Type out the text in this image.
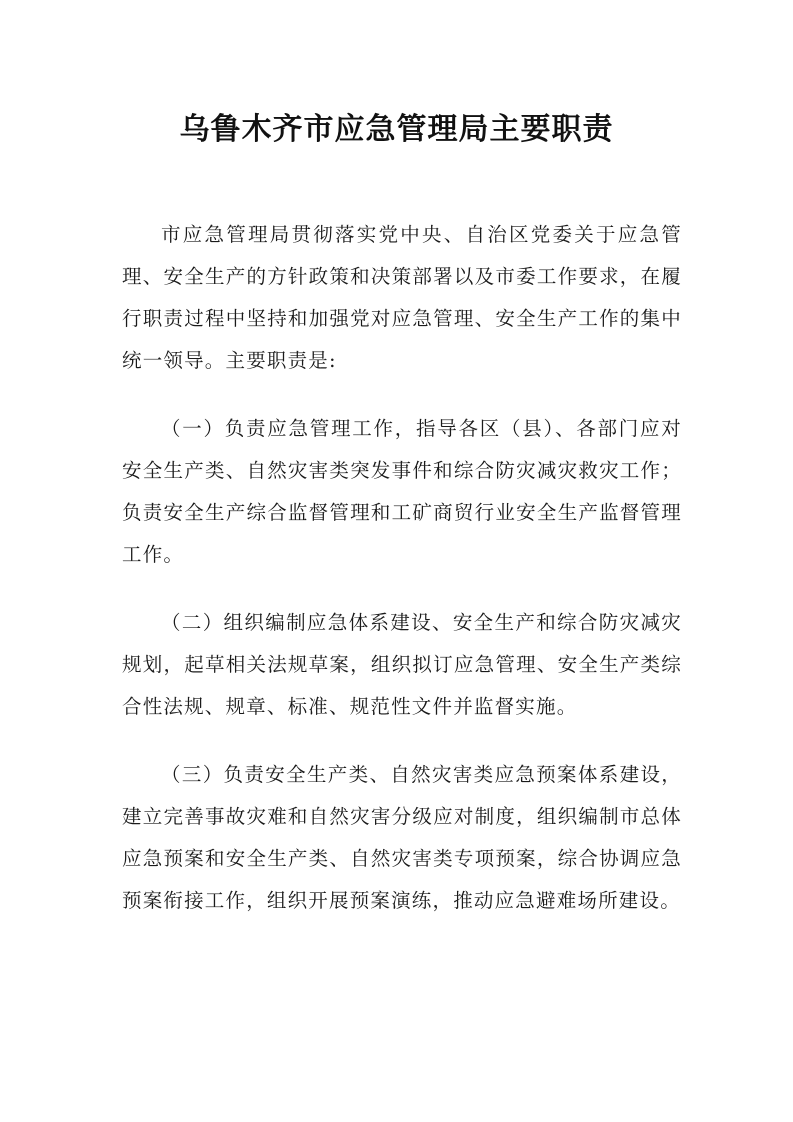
乌鲁木齐市应急管理局主要职责

市应急管理局贯彻落实党中央、自治区党委关于应急管理、安全生产的方针政策和决策部署以及市委工作要求，在履行职责过程中坚持和加强党对应急管理、安全生产工作的集中统一领导。主要职责是:

（一）负责应急管理工作，指导各区（县）、各部门应对安全生产类、自然灾害类突发事件和综合防灾减灾救灾工作；负责安全生产综合监督管理和工矿商贸行业安全生产监督管理工作。

（二）组织编制应急体系建设、安全生产和综合防灾减灾规划，起草相关法规草案，组织拟订应急管理、安全生产类综合性法规、规章、标准、规范性文件并监督实施。

（三）负责安全生产类、自然灾害类应急预案体系建设，建立完善事故灾难和自然灾害分级应对制度，组织编制市总体应急预案和安全生产类、自然灾害类专项预案，综合协调应急预案衔接工作，组织开展预案演练，推动应急避难场所建设。
